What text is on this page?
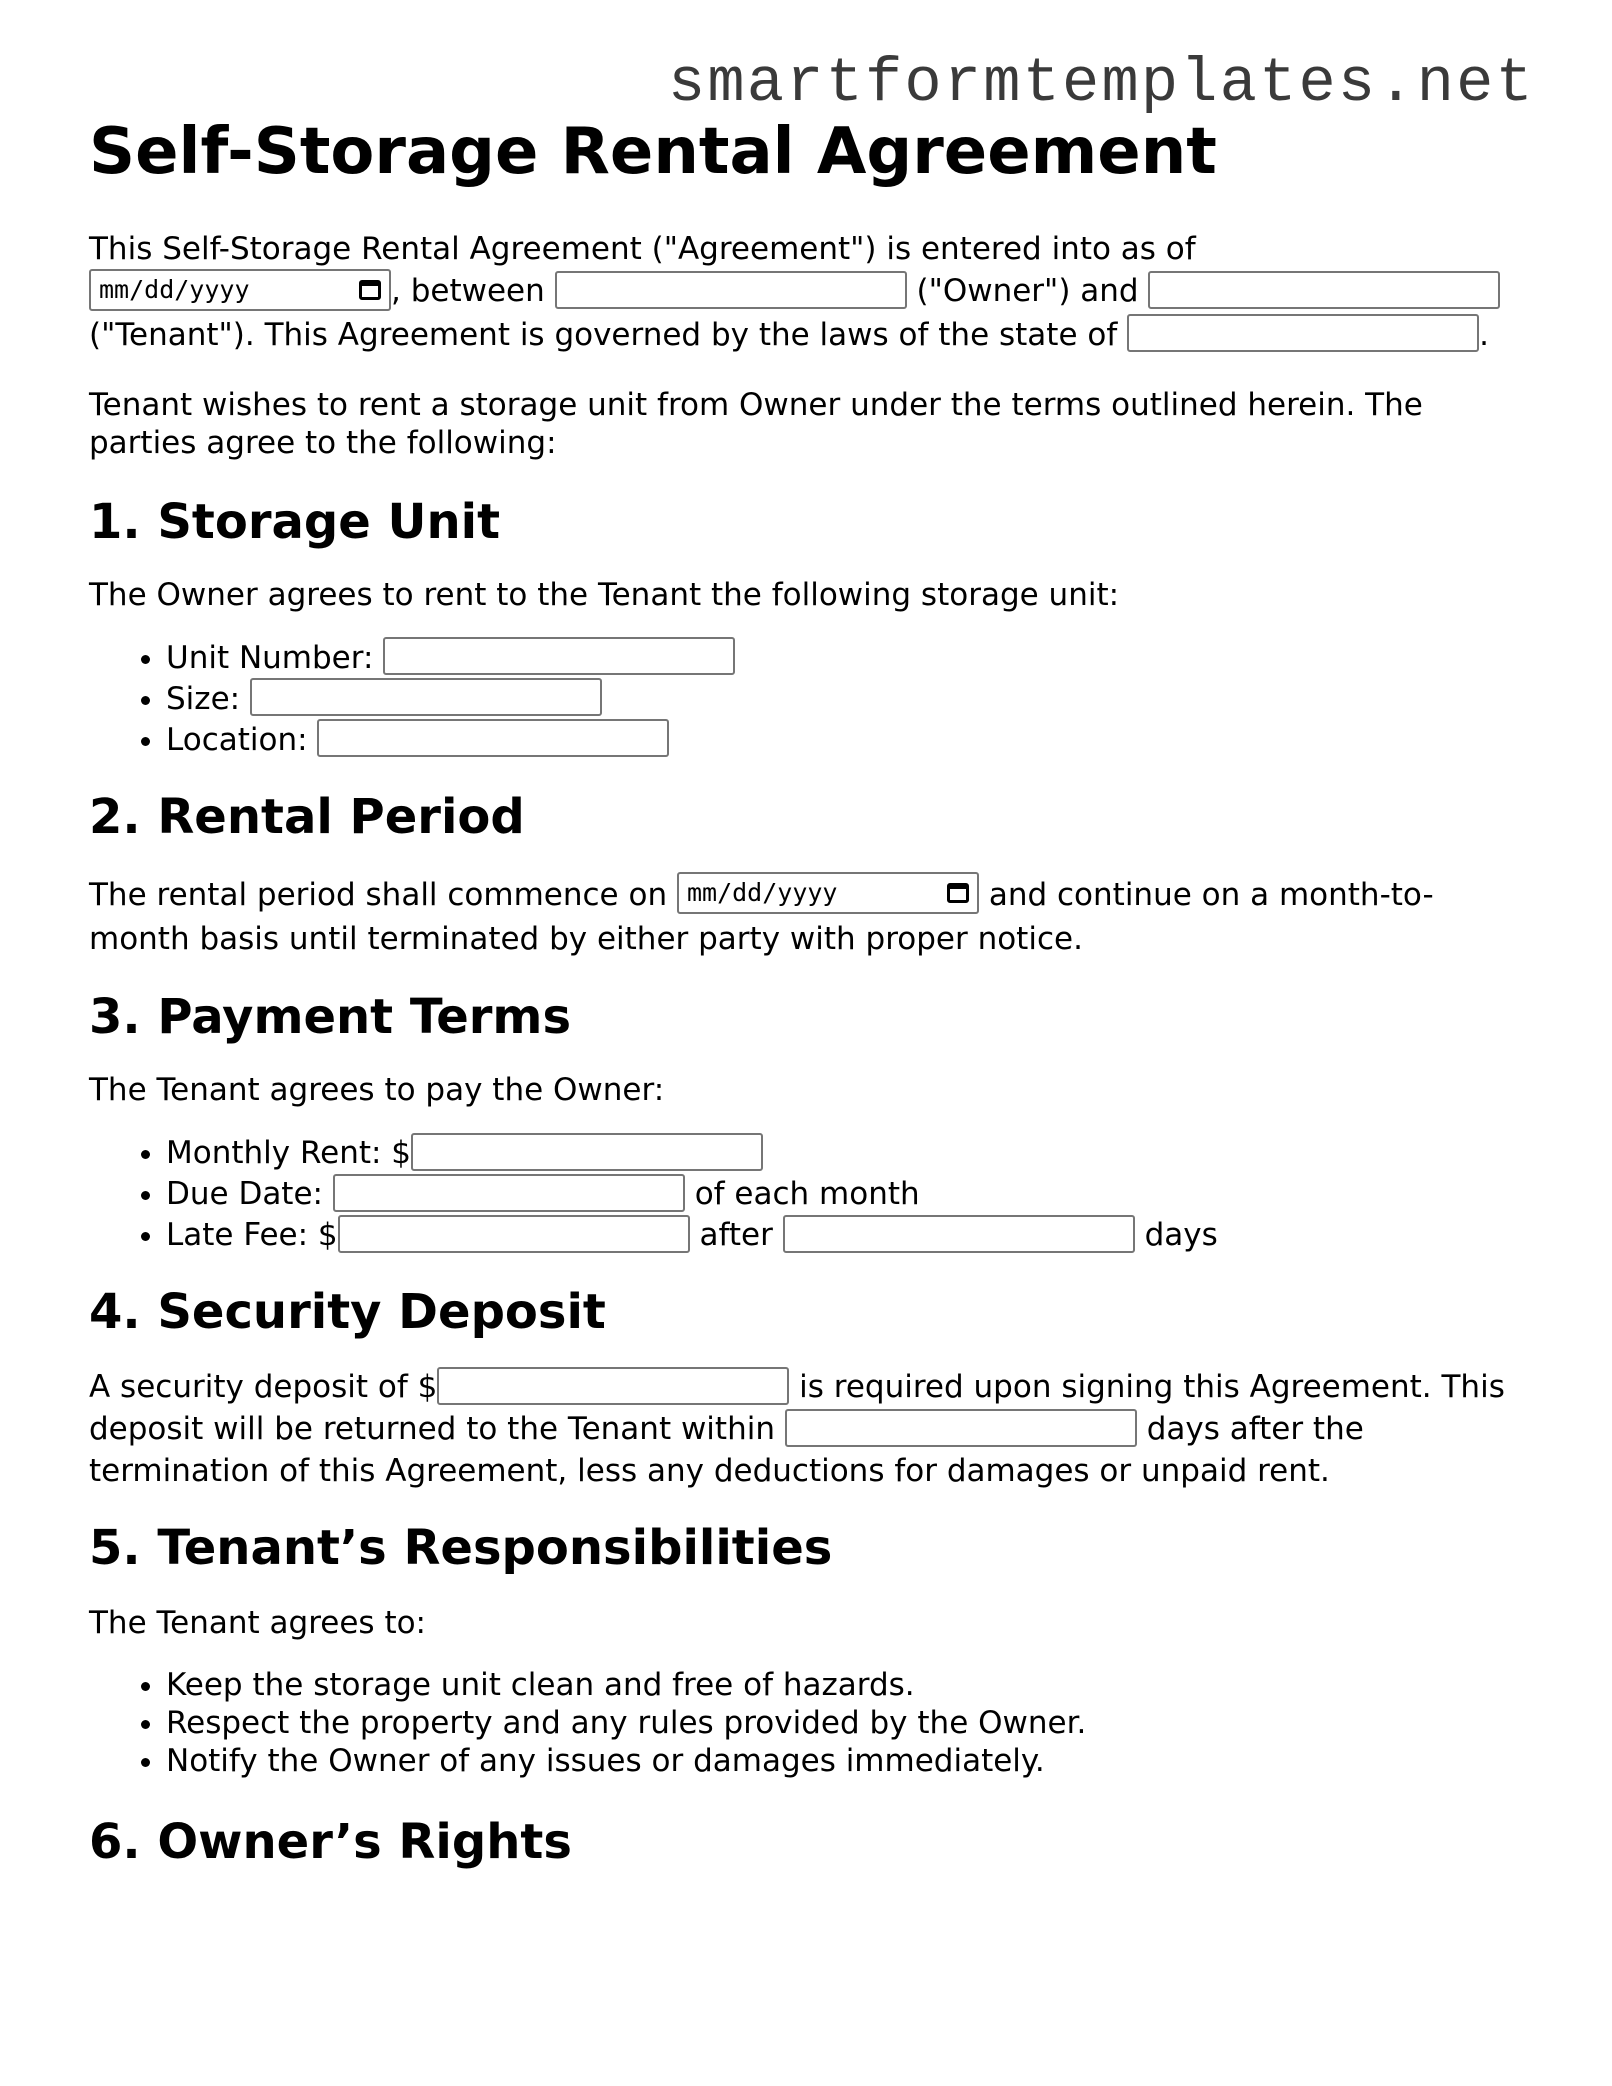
smartformtemplates.net
Self-Storage Rental Agreement

This Self-Storage Rental Agreement ("Agreement") is entered into as of
mm/dd/yyyy	, between	("Owner") and
("Tenant"). This Agreement is governed by the laws of the state of	.

Tenant wishes to rent a storage unit from Owner under the terms outlined herein. The parties agree to the following:

1. Storage Unit

The Owner agrees to rent to the Tenant the following storage unit:

• Unit Number:
• Size:
• Location:
2. Rental Period

The rental period shall commence on mm/dd/yyyy	and continue on a month-to-month basis until terminated by either party with proper notice.

3. Payment Terms

The Tenant agrees to pay the Owner:

• Monthly Rent: $
• Due Date:	of each month
• Late Fee: $	after	days
4. Security Deposit

A security deposit of $	is required upon signing this Agreement. This deposit will be returned to the Tenant within	days after the termination of this Agreement, less any deductions for damages or unpaid rent.

5. Tenant’s Responsibilities

The Tenant agrees to:

• Keep the storage unit clean and free of hazards.
• Respect the property and any rules provided by the Owner.
• Notify the Owner of any issues or damages immediately.
6. Owner’s Rights
